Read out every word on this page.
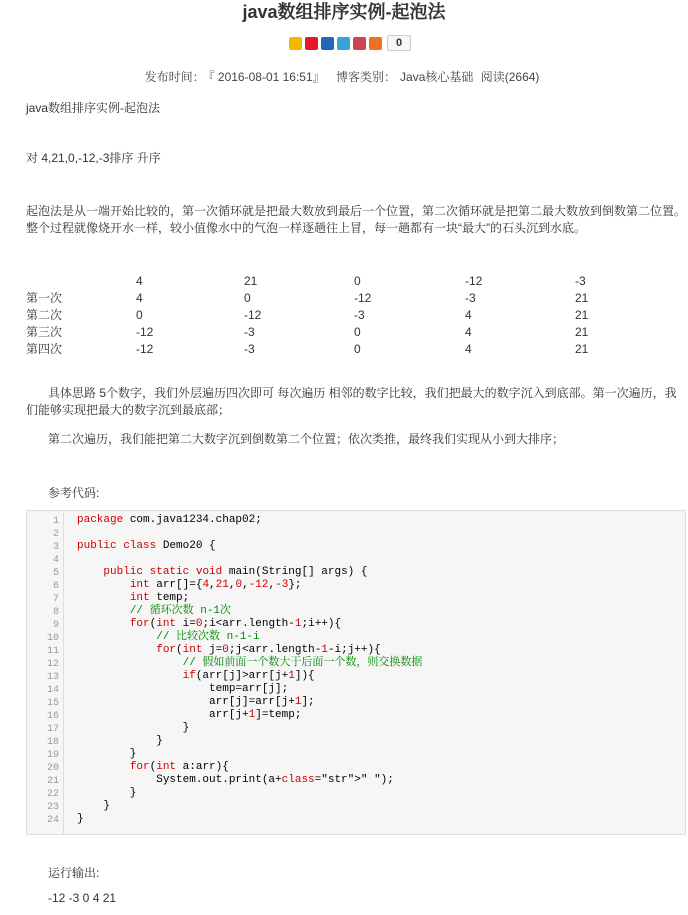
java数组排序实例-起泡法
0
发布时间： 『 2016-08-01 16:51』 博客类别： Java核心基础 阅读(2664)
java数组排序实例-起泡法
对 4,21,0,-12,-3排序 升序
起泡法是从一端开始比较的，第一次循环就是把最大数放到最后一个位置，第二次循环就是把第二最大数放到倒数第二位置。
整个过程就像烧开水一样，较小值像水中的气泡一样逐趟往上冒，每一趟都有一块“最大”的石头沉到水底。
	4	21	0	-12	-3
第一次	4	0	-12	-3	21
第二次	0	-12	-3	4	21
第三次	-12	-3	0	4	21
第四次	-12	-3	0	4	21
具体思路 5个数字，我们外层遍历四次即可 每次遍历 相邻的数字比较，我们把最大的数字沉入到底部。第一次遍历，我们能够实现把最大的数字沉到最底部；
第二次遍历，我们能把第二大数字沉到倒数第二个位置；依次类推，最终我们实现从小到大排序；
参考代码:
1
2
3
4
5
6
7
8
9
10
11
12
13
14
15
16
17
18
19
20
21
22
23
24
package com.java1234.chap02;
public class Demo20 {
public static void main(String[] args) {
int arr[]={4,21,0,-12,-3};
int temp;
// 循环次数 n-1次
for(int i=0;i<arr.length-1;i++){
// 比较次数 n-1-i
for(int j=0;j<arr.length-1-i;j++){
// 假如前面一个数大于后面一个数，则交换数据
if(arr[j]>arr[j+1]){
temp=arr[j];
arr[j]=arr[j+1];
arr[j+1]=temp;
}
}
}
for(int a:arr){
System.out.print(a+class="str">" ");
}
}
}
运行输出:
-12 -3 0 4 21
